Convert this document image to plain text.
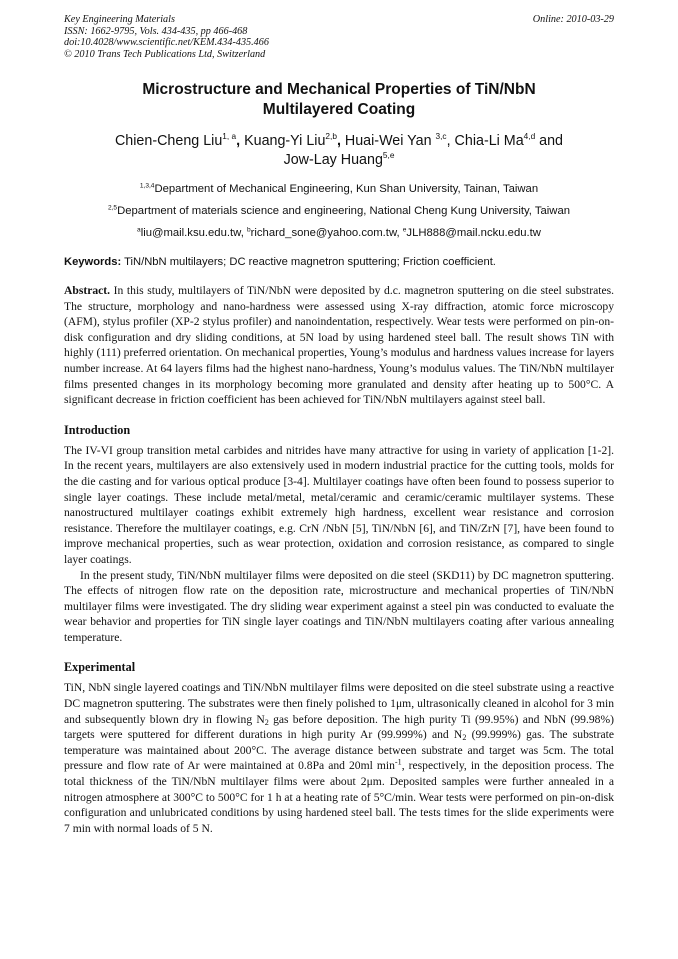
Key Engineering Materials
ISSN: 1662-9795, Vols. 434-435, pp 466-468
doi:10.4028/www.scientific.net/KEM.434-435.466
© 2010 Trans Tech Publications Ltd, Switzerland
Online: 2010-03-29
Microstructure and Mechanical Properties of TiN/NbN
Multilayered Coating
Chien-Cheng Liu$^{1, a}$, Kuang-Yi Liu$^{2,b}$, Huai-Wei Yan $^{3,c}$, Chia-Li Ma$^{4,d}$ and
Jow-Lay Huang$^{5,e}$
$^{1,3,4}$Department of Mechanical Engineering, Kun Shan University, Tainan, Taiwan
$^{2,5}$Department of materials science and engineering, National Cheng Kung University, Taiwan
$^a$liu@mail.ksu.edu.tw, $^b$richard_sone@yahoo.com.tw, $^e$JLH888@mail.ncku.edu.tw
Keywords: TiN/NbN multilayers; DC reactive magnetron sputtering; Friction coefficient.

Abstract. In this study, multilayers of TiN/NbN were deposited by d.c. magnetron sputtering on die steel substrates. The structure, morphology and nano-hardness were assessed using X-ray diffraction, atomic force microscopy (AFM), stylus profiler (XP-2 stylus profiler) and nanoindentation, respectively. Wear tests were performed on pin-on-disk configuration and dry sliding conditions, at 5N load by using hardened steel ball. The result shows TiN with highly (111) preferred orientation. On mechanical properties, Young’s modulus and hardness values increase for layers number increase. At 64 layers films had the highest nano-hardness, Young’s modulus values. The TiN/NbN multilayer films presented changes in its morphology becoming more granulated and density after heating up to 500°C. A significant decrease in friction coefficient has been achieved for TiN/NbN multilayers against steel ball.

Introduction

The IV-VI group transition metal carbides and nitrides have many attractive for using in variety of application [1-2]. In the recent years, multilayers are also extensively used in modern industrial practice for the cutting tools, molds for the die casting and for various optical produce [3-4]. Multilayer coatings have often been found to possess superior to single layer coatings. These include metal/metal, metal/ceramic and ceramic/ceramic multilayer systems. These nanostructured multilayer coatings exhibit extremely high hardness, excellent wear resistance and corrosion resistance. Therefore the multilayer coatings, e.g. CrN /NbN [5], TiN/NbN [6], and TiN/ZrN [7], have been found to improve mechanical properties, such as wear protection, oxidation and corrosion resistance, as compared to single layer coatings.

In the present study, TiN/NbN multilayer films were deposited on die steel (SKD11) by DC magnetron sputtering. The effects of nitrogen flow rate on the deposition rate, microstructure and mechanical properties of TiN/NbN multilayer films were investigated. The dry sliding wear experiment against a steel pin was conducted to evaluate the wear behavior and properties for TiN single layer coatings and TiN/NbN multilayers coating after various annealing temperature.

Experimental

TiN, NbN single layered coatings and TiN/NbN multilayer films were deposited on die steel substrate using a reactive DC magnetron sputtering. The substrates were then finely polished to 1μm, ultrasonically cleaned in alcohol for 3 min and subsequently blown dry in flowing $N_2$ gas before deposition. The high purity Ti (99.95%) and NbN (99.98%) targets were sputtered for different durations in high purity Ar (99.999%) and $N_2$ (99.999%) gas. The substrate temperature was maintained about 200°C. The average distance between substrate and target was 5cm. The total pressure and flow rate of Ar were maintained at 0.8Pa and 20ml $\min^{-1}$, respectively, in the deposition process. The total thickness of the TiN/NbN multilayer films were about 2μm. Deposited samples were further annealed in a nitrogen atmosphere at 300°C to 500°C for 1 h at a heating rate of 5°C/min. Wear tests were performed on pin-on-disk configuration and unlubricated conditions by using hardened steel ball. The tests times for the slide experiments were 7 min with normal loads of 5 N.
